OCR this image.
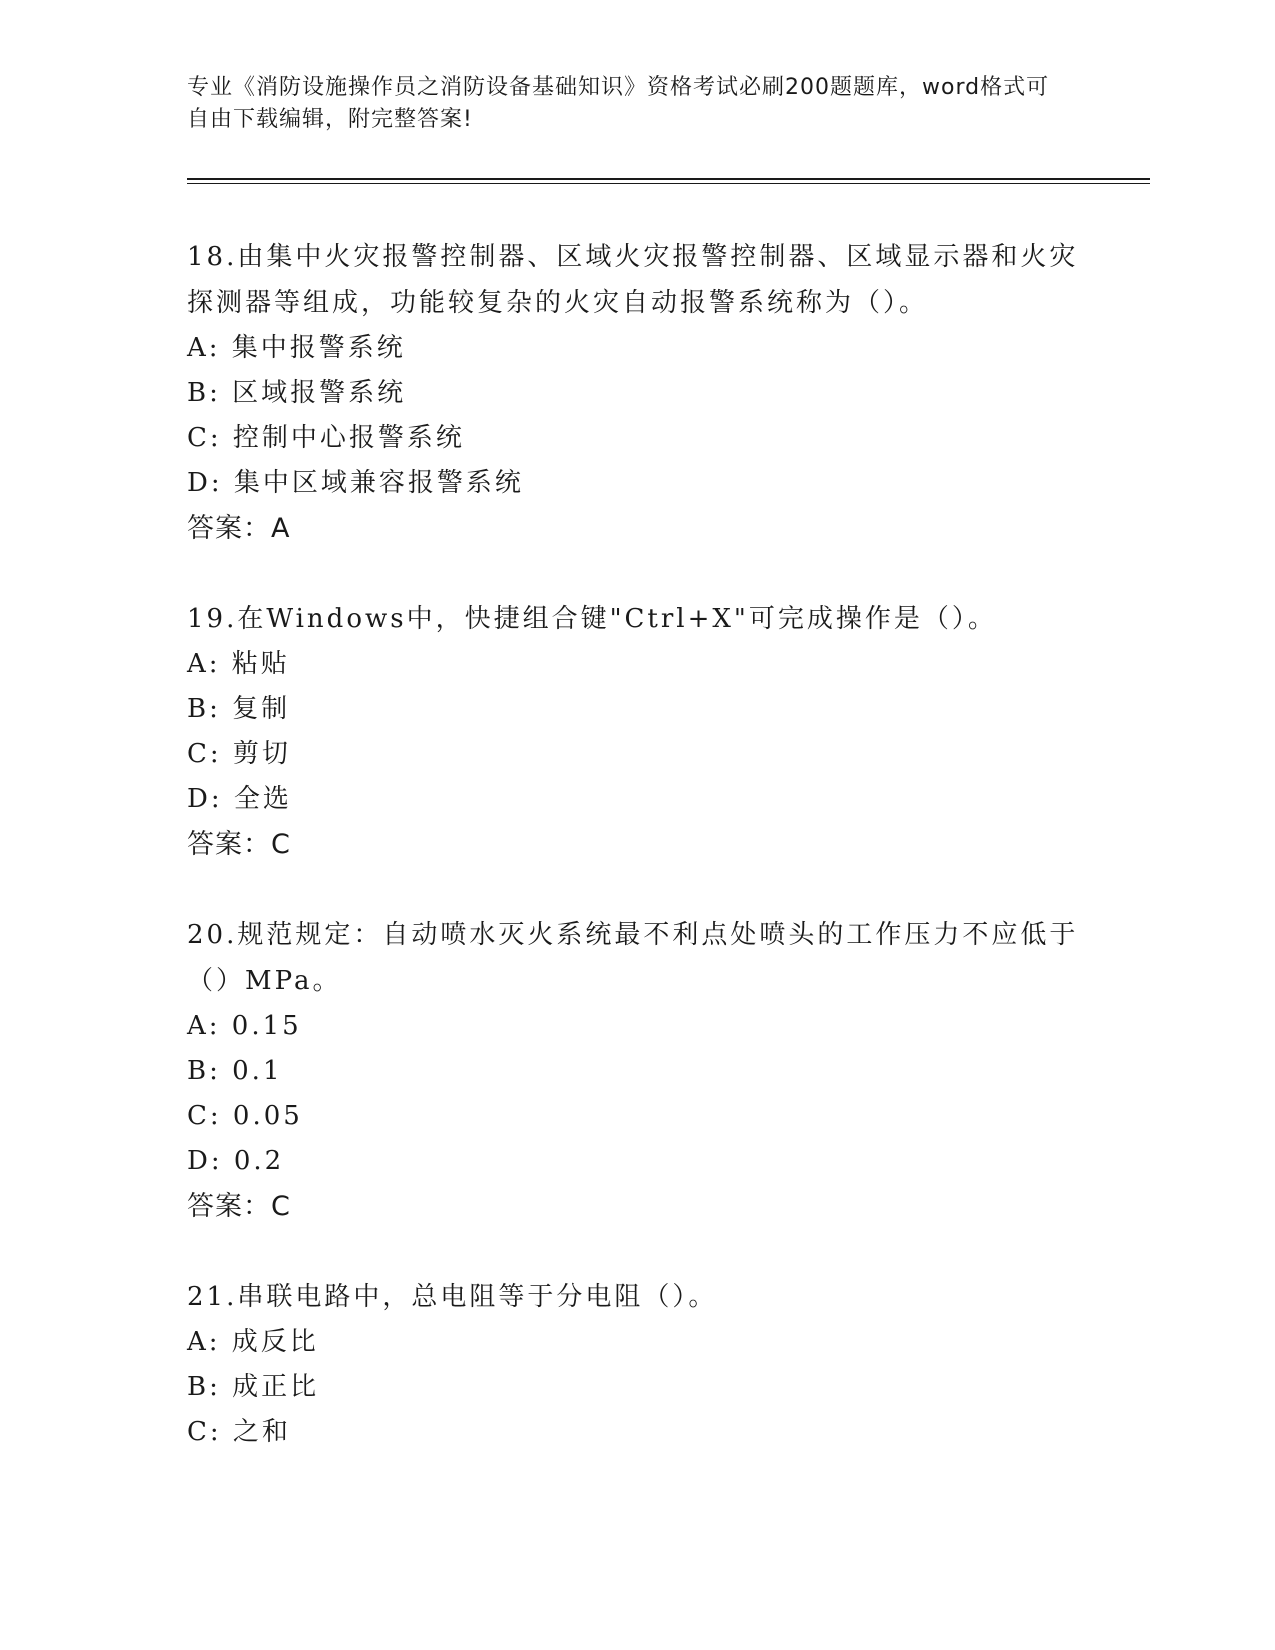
专业《消防设施操作员之消防设备基础知识》资格考试必刷200题题库，word格式可自由下载编辑，附完整答案!
18.由集中火灾报警控制器、区域火灾报警控制器、区域显示器和火灾探测器等组成，功能较复杂的火灾自动报警系统称为（）。
A: 集中报警系统
B: 区域报警系统
C: 控制中心报警系统
D: 集中区域兼容报警系统
答案：A
19.在Windows中，快捷组合键"Ctrl+X"可完成操作是（）。
A: 粘贴
B: 复制
C: 剪切
D: 全选
答案：C
20.规范规定：自动喷水灭火系统最不利点处喷头的工作压力不应低于（）MPa。
A: 0.15
B: 0.1
C: 0.05
D: 0.2
答案：C
21.串联电路中，总电阻等于分电阻（）。
A: 成反比
B: 成正比
C: 之和
